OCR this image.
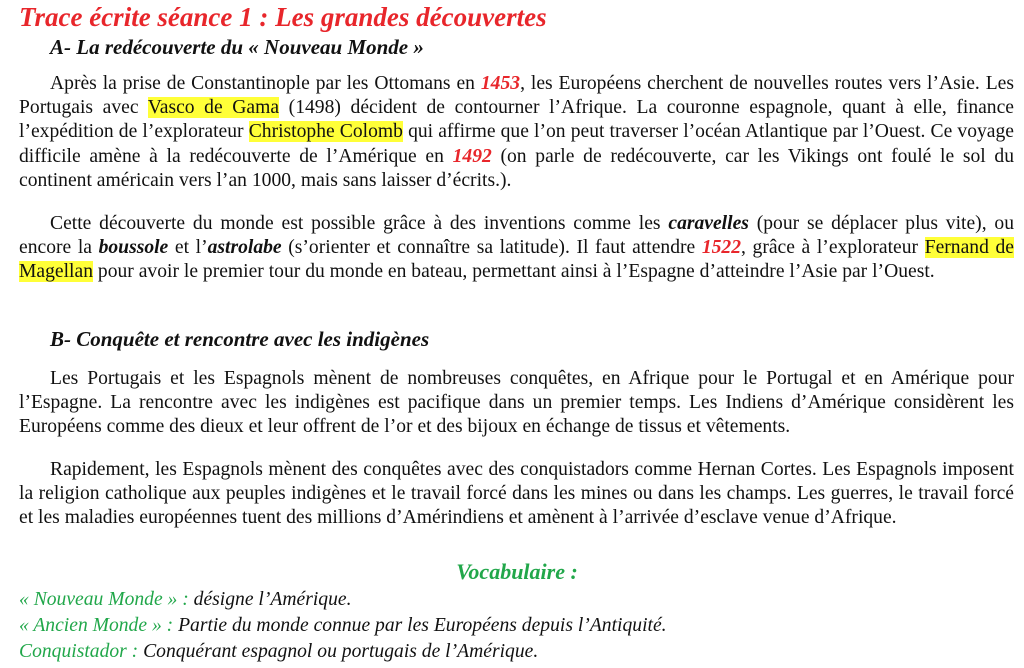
Trace écrite séance 1 : Les grandes découvertes
A- La redécouverte du « Nouveau Monde »

Après la prise de Constantinople par les Ottomans en 1453, les Européens cherchent de nouvelles routes vers l’Asie. Les Portugais avec Vasco de Gama (1498) décident de contourner l’Afrique. La couronne espagnole, quant à elle, finance l’expédition de l’explorateur Christophe Colomb qui affirme que l’on peut traverser l’océan Atlantique par l’Ouest. Ce voyage difficile amène à la redécouverte de l’Amérique en 1492 (on parle de redécouverte, car les Vikings ont foulé le sol du continent américain vers l’an 1000, mais sans laisser d’écrits.).

Cette découverte du monde est possible grâce à des inventions comme les caravelles (pour se déplacer plus vite), ou encore la boussole et l’astrolabe (s’orienter et connaître sa latitude). Il faut attendre 1522, grâce à l’explorateur Fernand de Magellan pour avoir le premier tour du monde en bateau, permettant ainsi à l’Espagne d’atteindre l’Asie par l’Ouest.

B- Conquête et rencontre avec les indigènes

Les Portugais et les Espagnols mènent de nombreuses conquêtes, en Afrique pour le Portugal et en Amérique pour l’Espagne. La rencontre avec les indigènes est pacifique dans un premier temps. Les Indiens d’Amérique considèrent les Européens comme des dieux et leur offrent de l’or et des bijoux en échange de tissus et vêtements.

Rapidement, les Espagnols mènent des conquêtes avec des conquistadors comme Hernan Cortes. Les Espagnols imposent la religion catholique aux peuples indigènes et le travail forcé dans les mines ou dans les champs. Les guerres, le travail forcé et les maladies européennes tuent des millions d’Amérindiens et amènent à l’arrivée d’esclave venue d’Afrique.

Vocabulaire :

« Nouveau Monde » : désigne l’Amérique.

« Ancien Monde » : Partie du monde connue par les Européens depuis l’Antiquité.

Conquistador : Conquérant espagnol ou portugais de l’Amérique.
